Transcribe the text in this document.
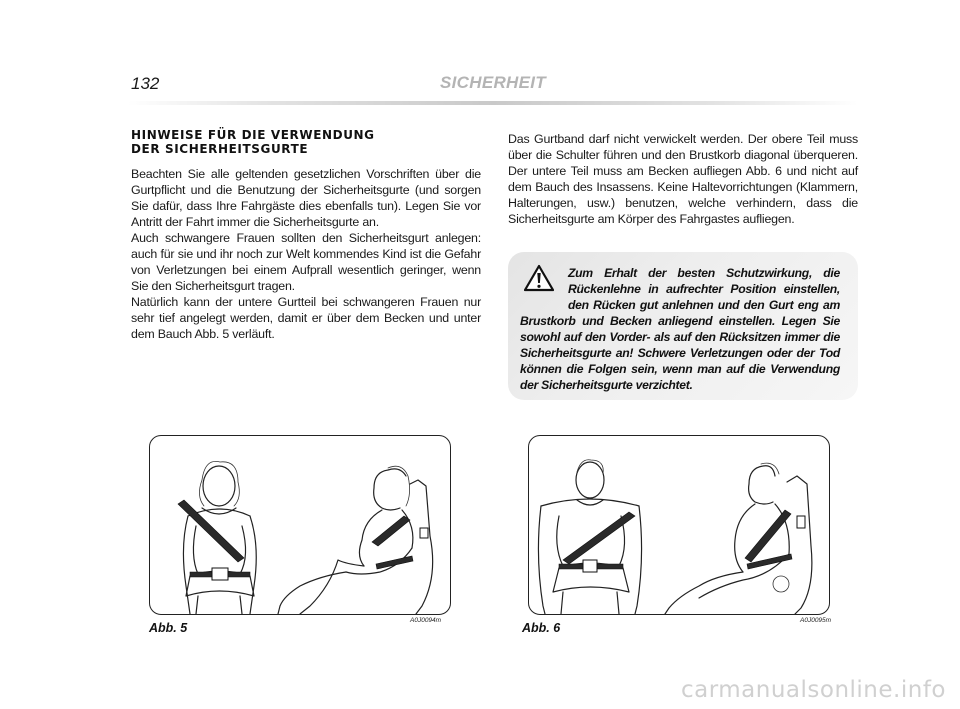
132	SICHERHEIT
HINWEISE FÜR DIE VERWENDUNG
DER SICHERHEITSGURTE

Beachten Sie alle geltenden gesetzlichen Vorschriften über die Gurtpflicht und die Benutzung der Sicherheitsgurte (und sorgen Sie dafür, dass Ihre Fahrgäste dies ebenfalls tun). Legen Sie vor Antritt der Fahrt immer die Sicherheitsgurte an.

Auch schwangere Frauen sollten den Sicherheitsgurt anlegen: auch für sie und ihr noch zur Welt kommendes Kind ist die Gefahr von Verletzungen bei einem Aufprall wesentlich geringer, wenn Sie den Sicherheitsgurt tragen.

Natürlich kann der untere Gurtteil bei schwangeren Frauen nur sehr tief angelegt werden, damit er über dem Becken und unter dem Bauch Abb. 5 verläuft.

Das Gurtband darf nicht verwickelt werden. Der obere Teil muss über die Schulter führen und den Brustkorb diagonal überqueren. Der untere Teil muss am Becken aufliegen Abb. 6 und nicht auf dem Bauch des Insassens. Keine Haltevorrichtungen (Klammern, Halterungen, usw.) benutzen, welche verhindern, dass die Sicherheitsgurte am Körper des Fahrgastes aufliegen.

Zum Erhalt der besten Schutzwirkung, die Rückenlehne in aufrechter Position einstellen, den Rücken gut anlehnen und den Gurt eng am Brustkorb und Becken anliegend einstellen. Legen Sie sowohl auf den Vorder- als auf den Rücksitzen immer die Sicherheitsgurte an! Schwere Verletzungen oder der Tod können die Folgen sein, wenn man auf die Verwendung der Sicherheitsgurte verzichtet.
Abb. 5
A0J0094m
Abb. 6
A0J0095m
carmanualsonline.info
